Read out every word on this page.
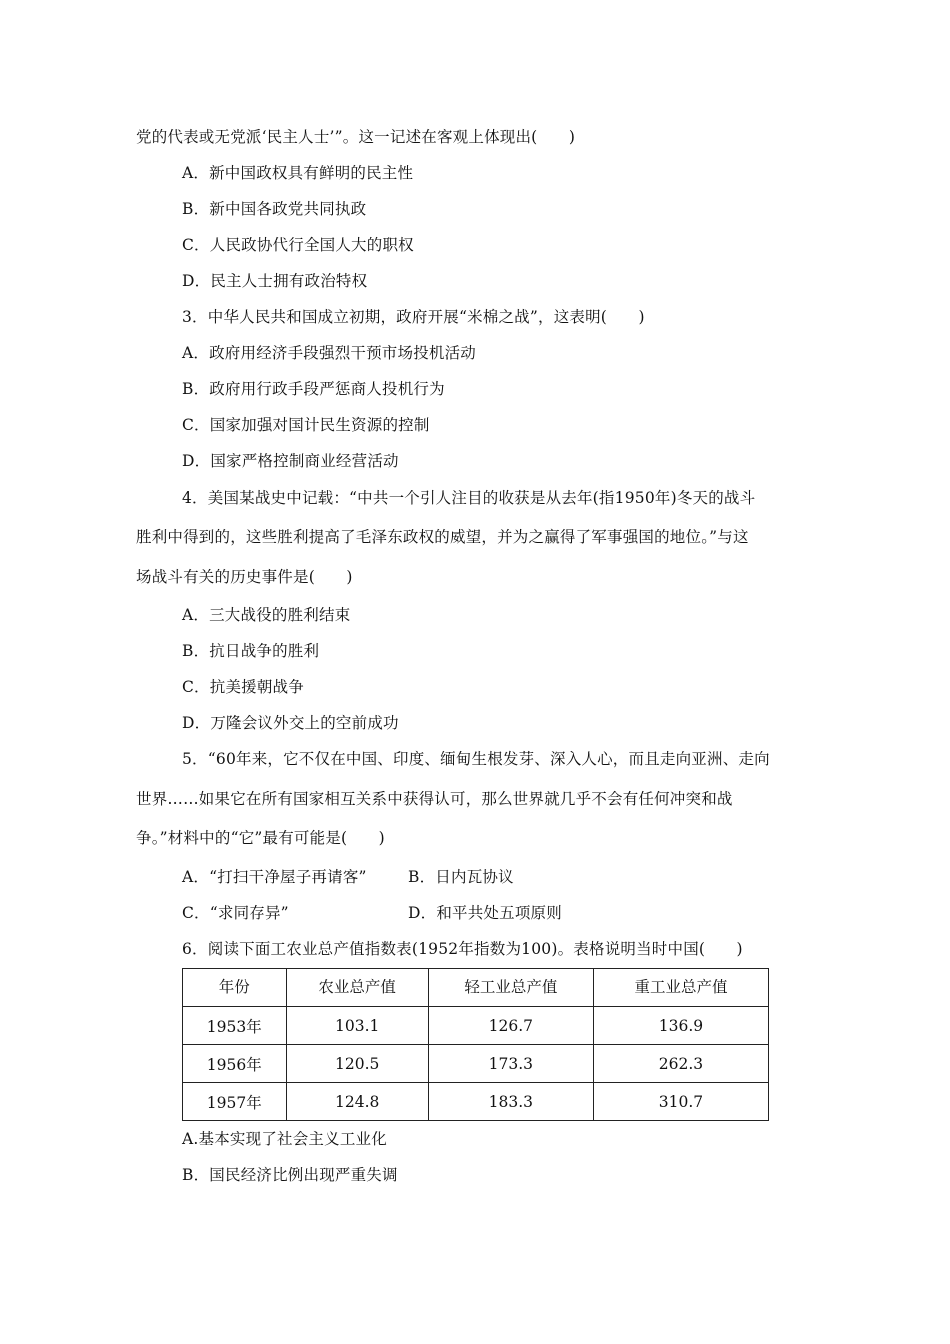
党的代表或无党派‘民主人士’”。这一记述在客观上体现出(　　)
A．新中国政权具有鲜明的民主性
B．新中国各政党共同执政
C．人民政协代行全国人大的职权
D．民主人士拥有政治特权
3．中华人民共和国成立初期，政府开展“米棉之战”，这表明(　　)
A．政府用经济手段强烈干预市场投机活动
B．政府用行政手段严惩商人投机行为
C．国家加强对国计民生资源的控制
D．国家严格控制商业经营活动
4．美国某战史中记载：“中共一个引人注目的收获是从去年(指1950年)冬天的战斗
胜利中得到的，这些胜利提高了毛泽东政权的威望，并为之赢得了军事强国的地位。”与这
场战斗有关的历史事件是(　　)
A．三大战役的胜利结束
B．抗日战争的胜利
C．抗美援朝战争
D．万隆会议外交上的空前成功
5．“60年来，它不仅在中国、印度、缅甸生根发芽、深入人心，而且走向亚洲、走向
世界……如果它在所有国家相互关系中获得认可，那么世界就几乎不会有任何冲突和战
争。”材料中的“它”最有可能是(　　)
A．“打扫干净屋子再请客”	B．日内瓦协议
C．“求同存异”	D．和平共处五项原则
6．阅读下面工农业总产值指数表(1952年指数为100)。表格说明当时中国(　　)
年份	农业总产值	轻工业总产值	重工业总产值
1953年	103.1	126.7	136.9
1956年	120.5	173.3	262.3
1957年	124.8	183.3	310.7
A.基本实现了社会主义工业化
B．国民经济比例出现严重失调
